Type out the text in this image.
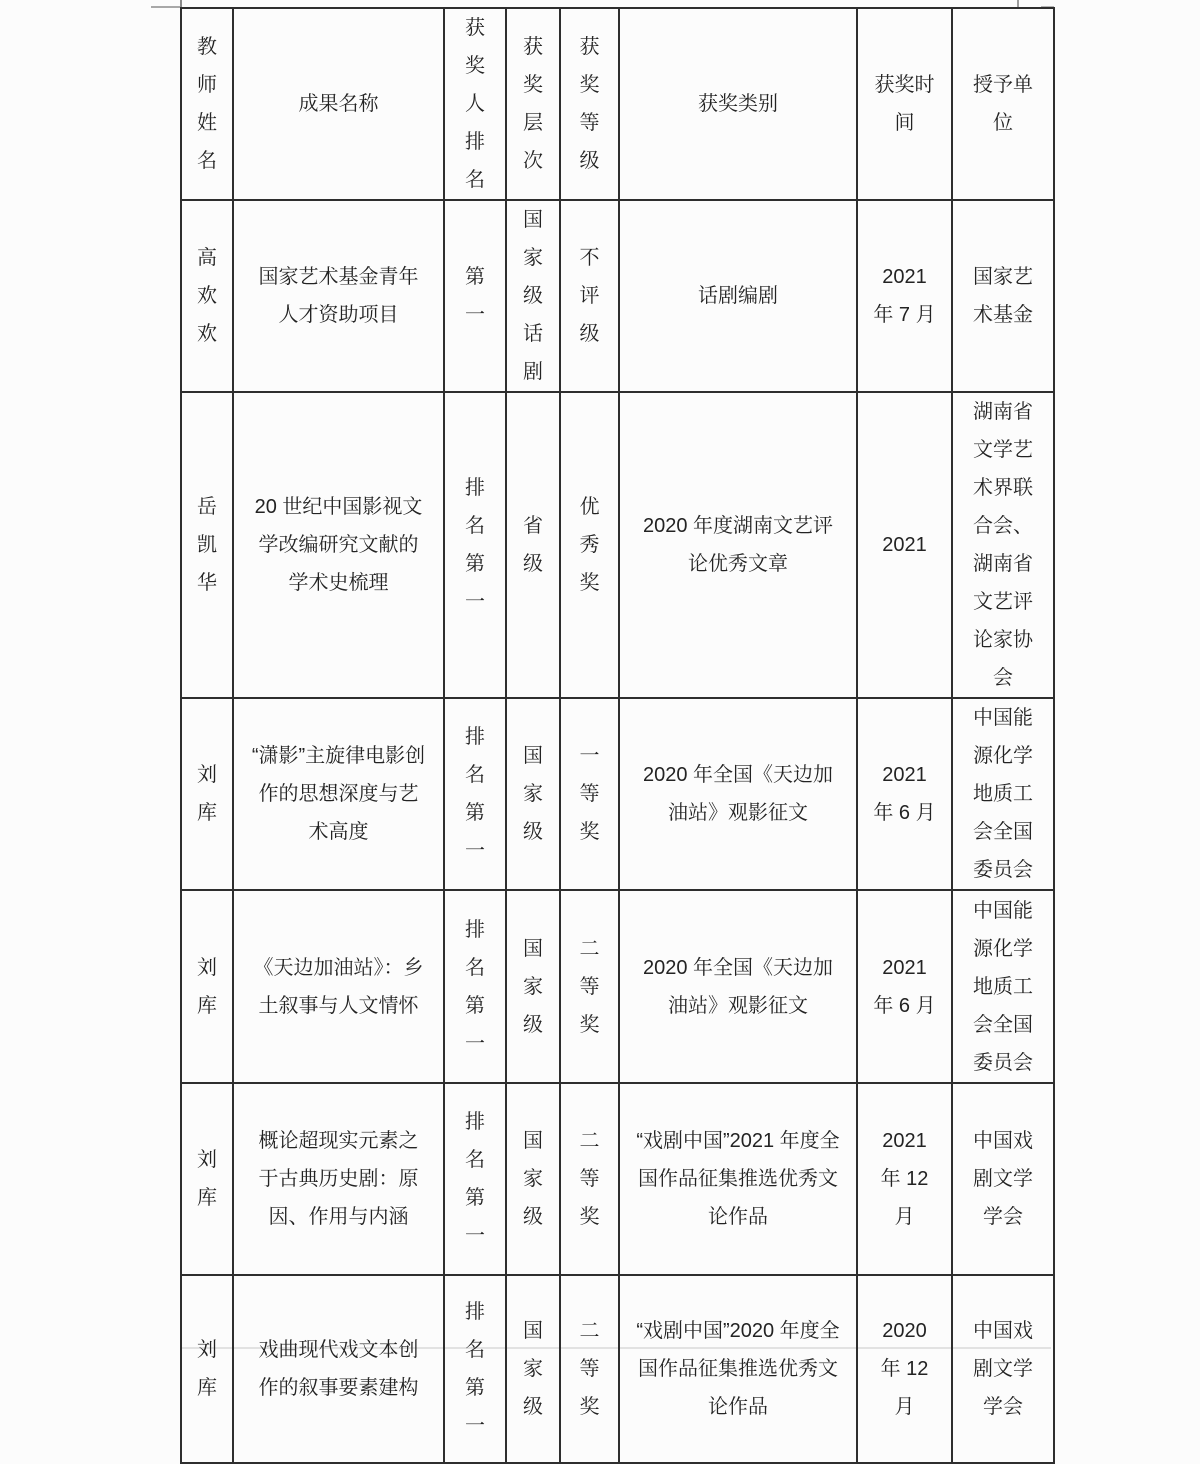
教师姓名	成果名称	获奖人排名	获奖层次	获奖等级	获奖类别	获奖时间	授予单位
高欢欢	国家艺术基金青年人才资助项目	第一	国家级话剧	不评级	话剧编剧	2021 年 7 月	国家艺术基金
岳凯华	20 世纪中国影视文学改编研究文献的学术史梳理	排名第一	省级	优秀奖	2020 年度湖南文艺评论优秀文章	2021	湖南省文学艺术界联合会、湖南省文艺评论家协会
刘库	“潇影”主旋律电影创作的思想深度与艺术高度	排名第一	国家级	一等奖	2020 年全国《天边加油站》观影征文	2021 年 6 月	中国能源化学地质工会全国委员会
刘库	《天边加油站》：乡土叙事与人文情怀	排名第一	国家级	二等奖	2020 年全国《天边加油站》观影征文	2021 年 6 月	中国能源化学地质工会全国委员会
刘库	概论超现实元素之于古典历史剧：原因、作用与内涵	排名第一	国家级	二等奖	“戏剧中国”2021 年度全国作品征集推选优秀文论作品	2021 年 12 月	中国戏剧文学学会
刘库	戏曲现代戏文本创作的叙事要素建构	排名第一	国家级	二等奖	“戏剧中国”2020 年度全国作品征集推选优秀文论作品	2020 年 12 月	中国戏剧文学学会
